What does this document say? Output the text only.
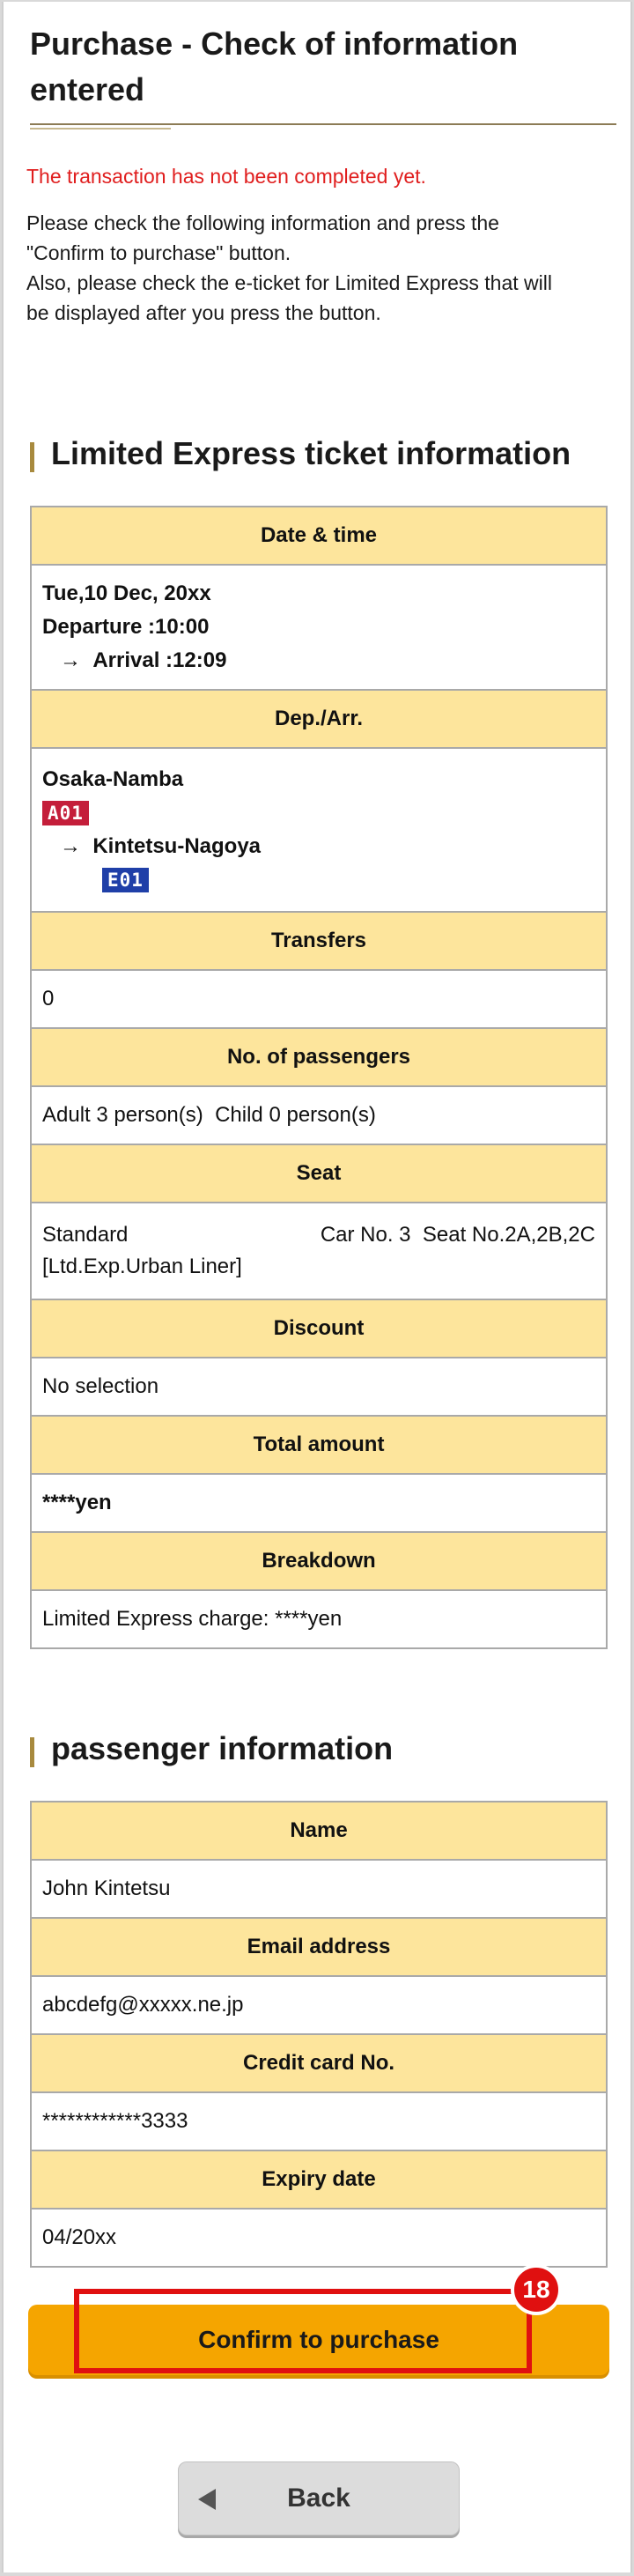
Purchase - Check of information
entered
The transaction has not been completed yet.
Please check the following information and press the
"Confirm to purchase" button.
Also, please check the e-ticket for Limited Express that will
be displayed after you press the button.
Limited Express ticket information
Date & time

Tue,10 Dec, 20xx
Departure :10:00
→ Arrival :12:09

Dep./Arr.

Osaka-Namba
A01
→ Kintetsu-Nagoya
E01

Transfers
0
No. of passengers
Adult 3 person(s)  Child 0 person(s)
Seat

Standard	Car No. 3 Seat No.2A,2B,2C
[Ltd.Exp.Urban Liner]

Discount
No selection
Total amount
****yen
Breakdown
Limited Express charge: ****yen
passenger information
Name
John Kintetsu
Email address
abcdefg@xxxxx.ne.jp
Credit card No.
************3333
Expiry date
04/20xx
Confirm to purchase
18
Back
